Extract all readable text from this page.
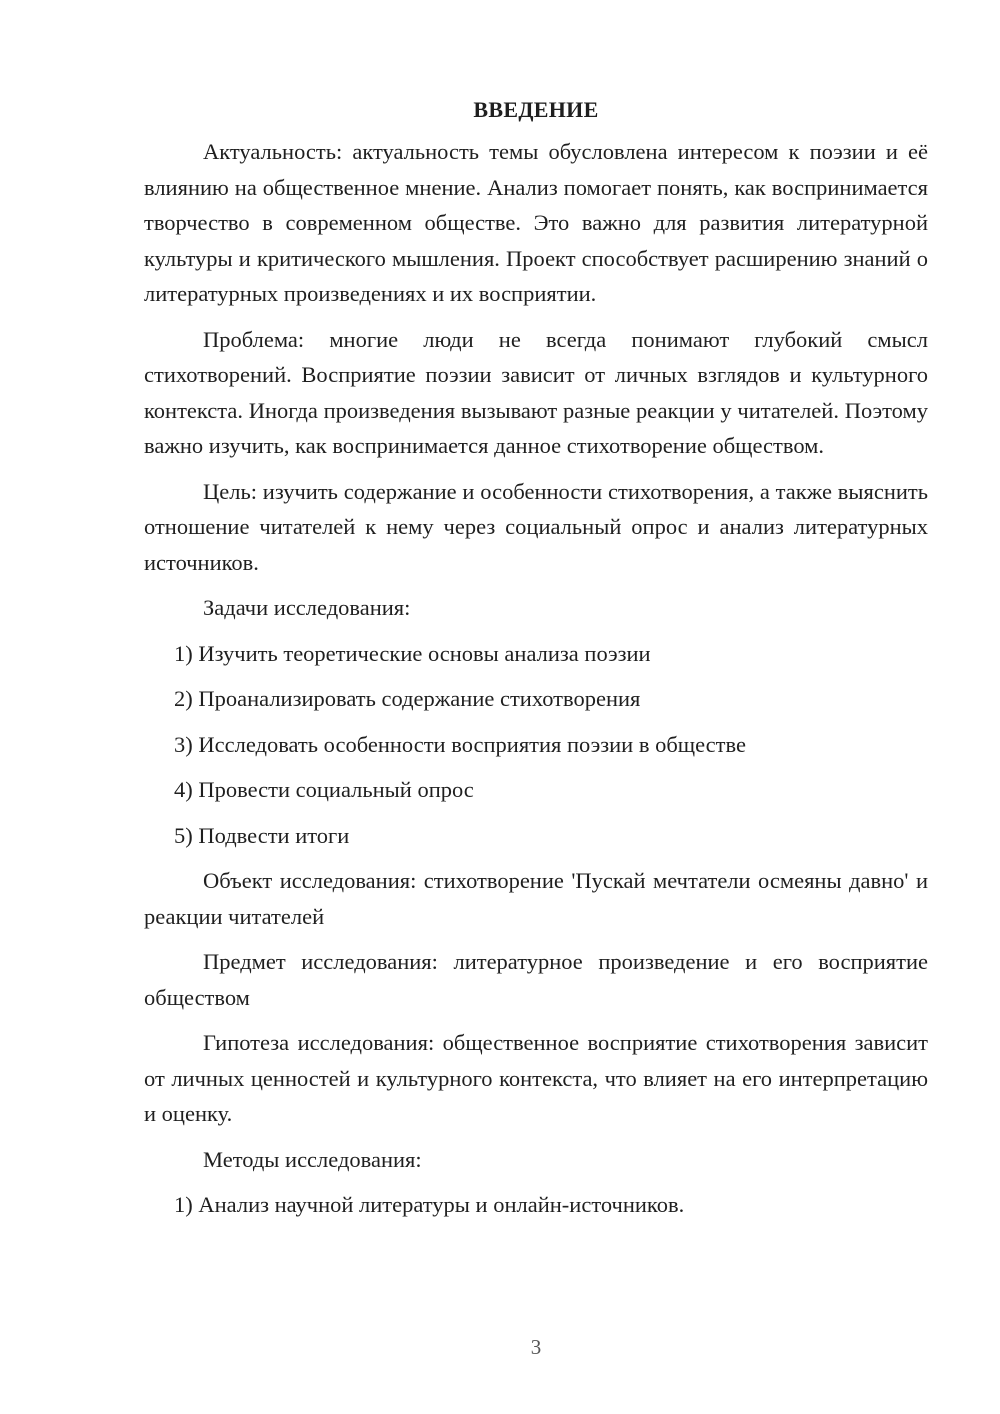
ВВЕДЕНИЕ

Актуальность: актуальность темы обусловлена интересом к поэзии и её влиянию на общественное мнение. Анализ помогает понять, как воспринимается творчество в современном обществе. Это важно для развития литературной культуры и критического мышления. Проект способствует расширению знаний о литературных произведениях и их восприятии.

Проблема: многие люди не всегда понимают глубокий смысл стихотворений. Восприятие поэзии зависит от личных взглядов и культурного контекста. Иногда произведения вызывают разные реакции у читателей. Поэтому важно изучить, как воспринимается данное стихотворение обществом.

Цель: изучить содержание и особенности стихотворения, а также выяснить отношение читателей к нему через социальный опрос и анализ литературных источников.

Задачи исследования:

1) Изучить теоретические основы анализа поэзии

2) Проанализировать содержание стихотворения

3) Исследовать особенности восприятия поэзии в обществе

4) Провести социальный опрос

5) Подвести итоги

Объект исследования: стихотворение 'Пускай мечтатели осмеяны давно' и реакции читателей

Предмет исследования: литературное произведение и его восприятие обществом

Гипотеза исследования: общественное восприятие стихотворения зависит от личных ценностей и культурного контекста, что влияет на его интерпретацию и оценку.

Методы исследования:

1) Анализ научной литературы и онлайн-источников.

3
